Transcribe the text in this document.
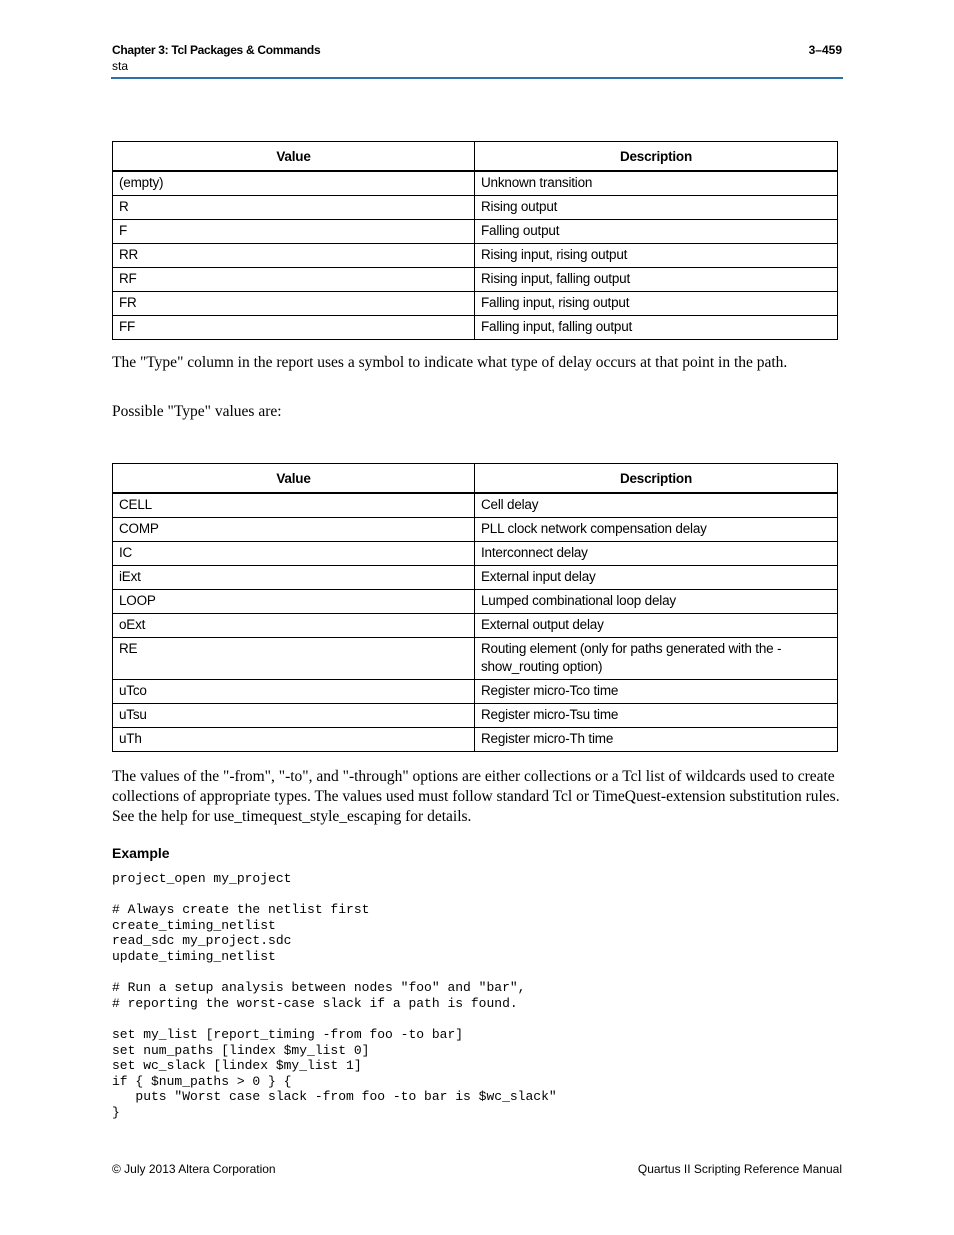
Chapter 3: Tcl Packages & Commands
sta
3–459
Value	Description
(empty)	Unknown transition
R	Rising output
F	Falling output
RR	Rising input, rising output
RF	Rising input, falling output
FR	Falling input, rising output
FF	Falling input, falling output
The "Type" column in the report uses a symbol to indicate what type of delay occurs at that point in the path.
Possible "Type" values are:
Value	Description
CELL	Cell delay
COMP	PLL clock network compensation delay
IC	Interconnect delay
iExt	External input delay
LOOP	Lumped combinational loop delay
oExt	External output delay
RE	Routing element (only for paths generated with the -show_routing option)
uTco	Register micro-Tco time
uTsu	Register micro-Tsu time
uTh	Register micro-Th time
The values of the "-from", "-to", and "-through" options are either collections or a Tcl list of wildcards used to create collections of appropriate types. The values used must follow standard Tcl or TimeQuest-extension substitution rules. See the help for use_timequest_style_escaping for details.
Example
project_open my_project

# Always create the netlist first
create_timing_netlist
read_sdc my_project.sdc
update_timing_netlist

# Run a setup analysis between nodes "foo" and "bar",
# reporting the worst-case slack if a path is found.

set my_list [report_timing -from foo -to bar]
set num_paths [lindex $my_list 0]
set wc_slack [lindex $my_list 1]
if { $num_paths > 0 } {
puts "Worst case slack -from foo -to bar is $wc_slack"
}
© July 2013 Altera Corporation	Quartus II Scripting Reference Manual
